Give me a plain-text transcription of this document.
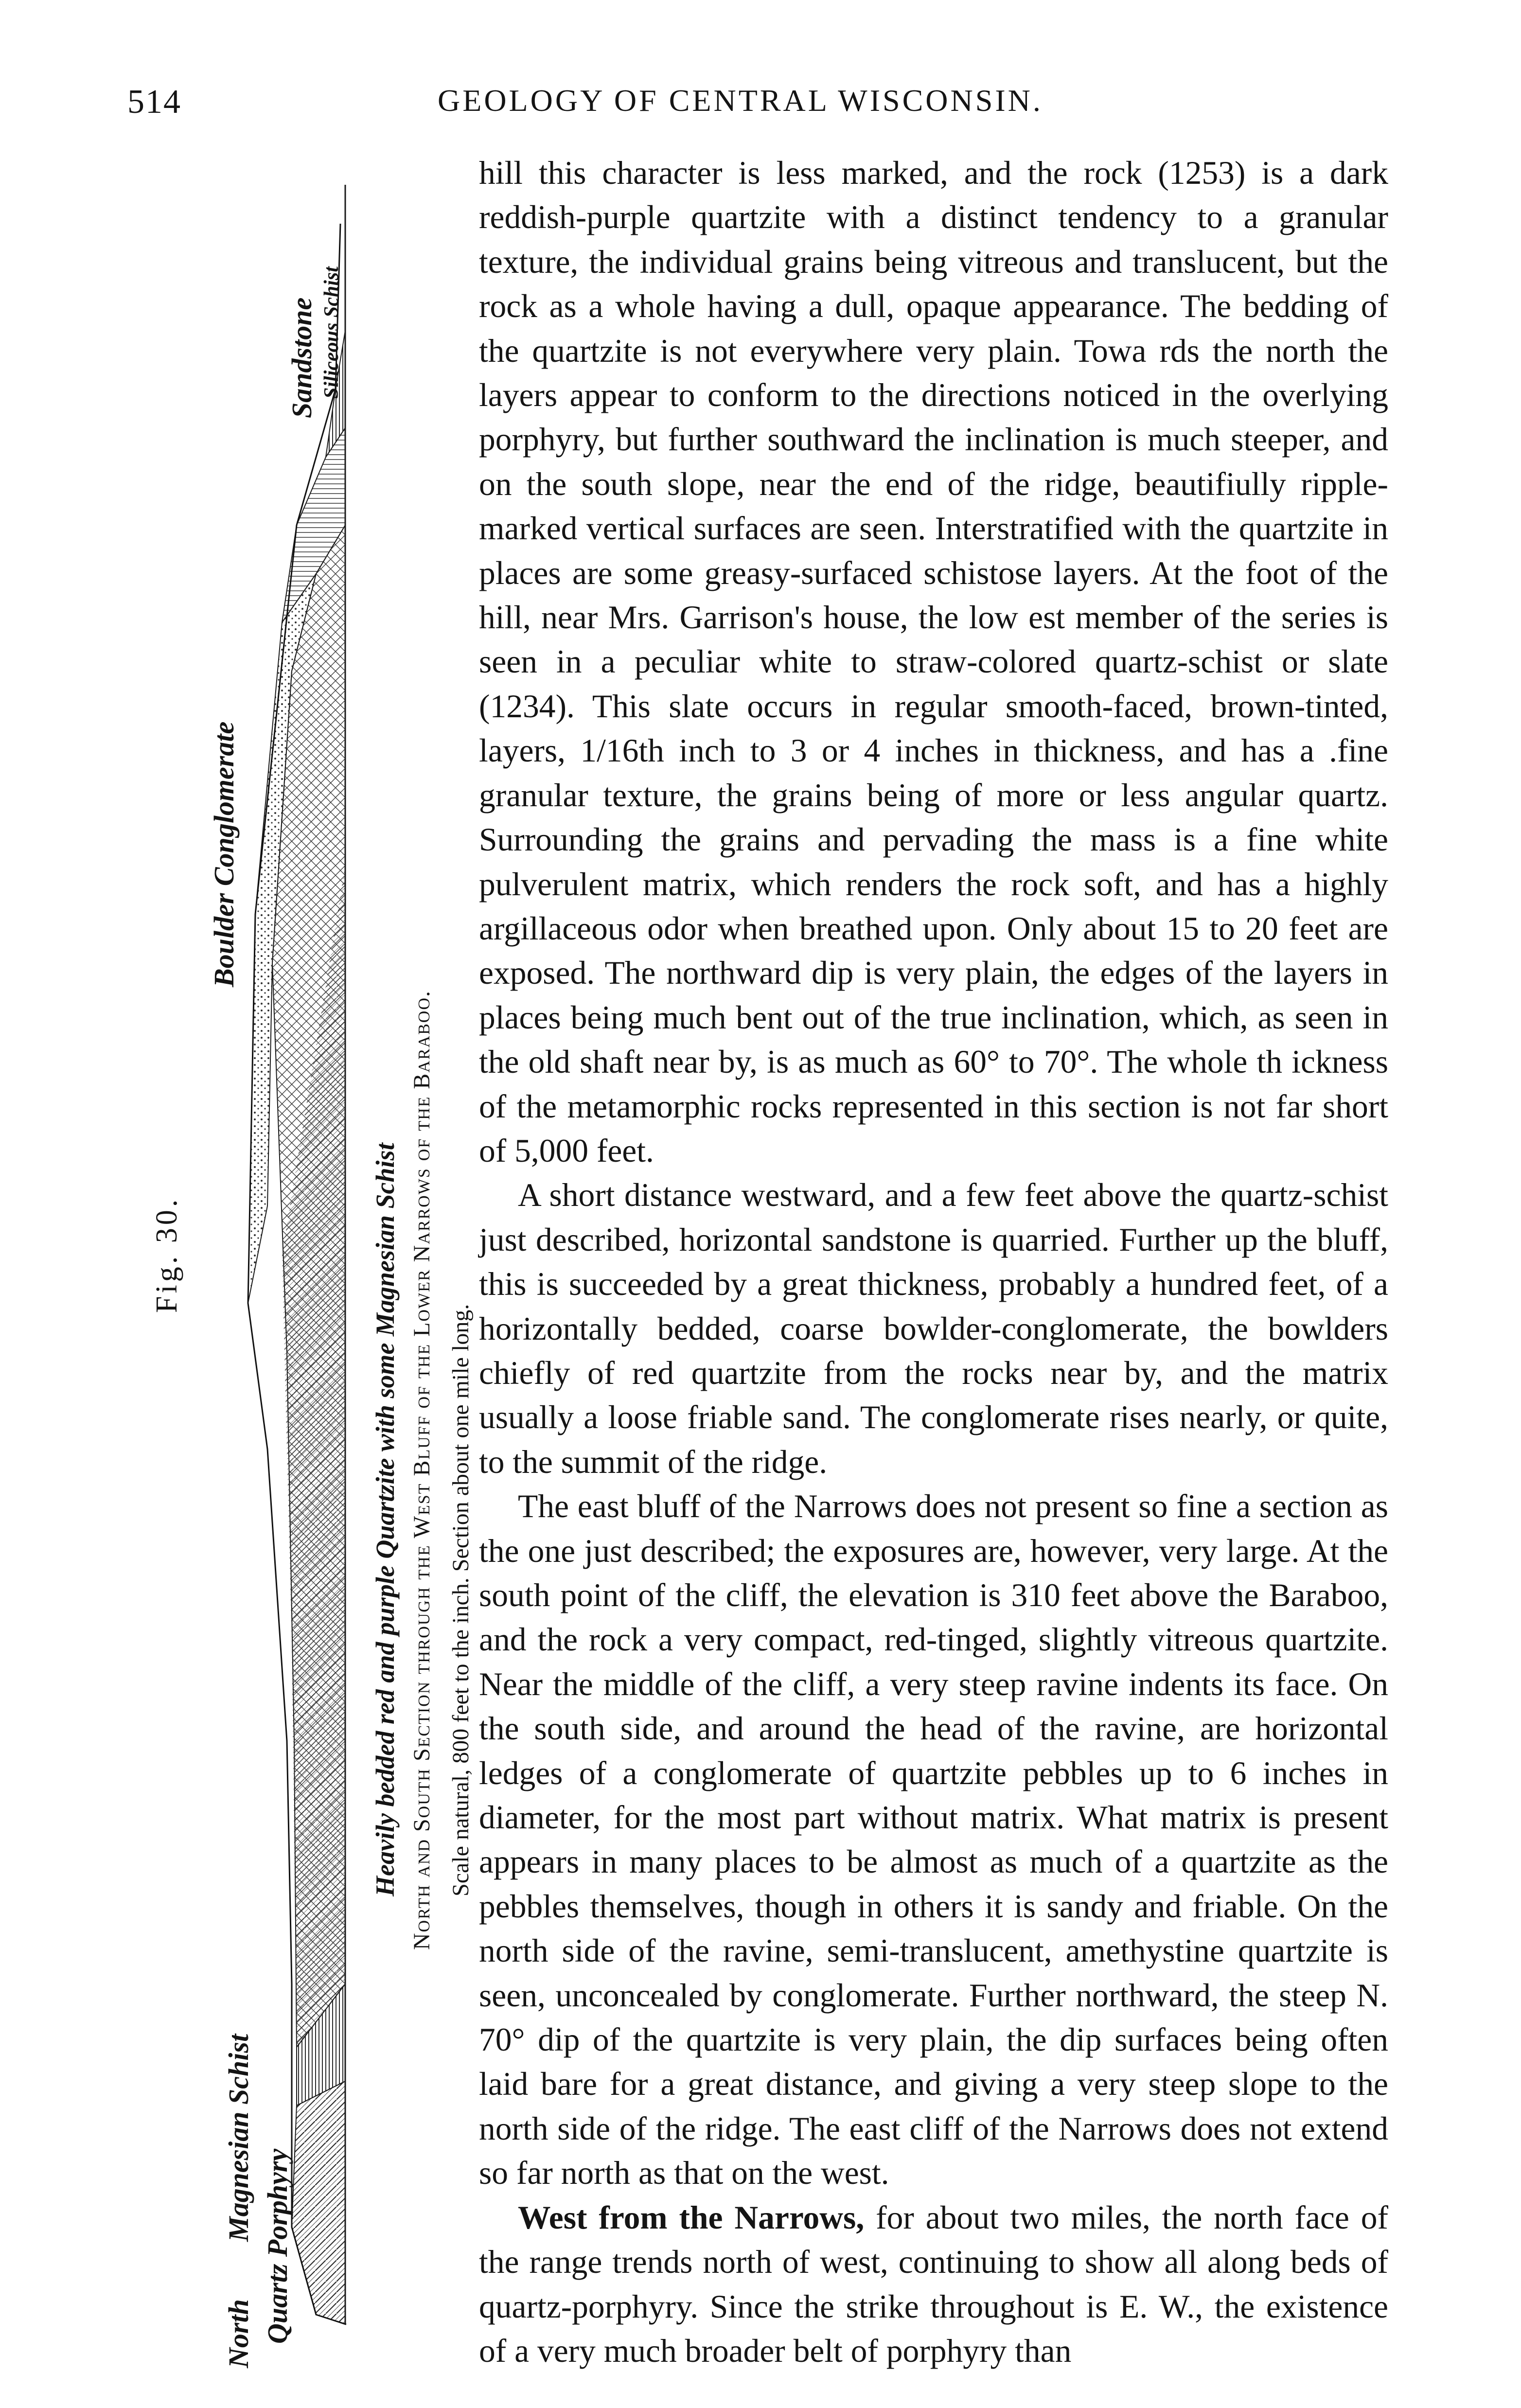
514	GEOLOGY OF CENTRAL WISCONSIN.
Fig. 30.	North and South Section through the West Bluff of the Lower Narrows of the Baraboo. Scale natural, 800 feet to the inch. Section about one mile long.
North
Magnesian Schist
Quartz Porphyry
Heavily bedded red and purple Quartzite with some Magnesian Schist
Boulder Conglomerate
Sandstone Siliceous Schist

hill this character is less marked, and the rock (1253) is a dark reddish-purple quartzite with a distinct tendency to a granular texture, the individual grains being vitreous and translucent, but the rock as a whole having a dull, opaque appearance. The bedding of the quartzite is not everywhere very plain. Towa rds the north the layers appear to conform to the directions noticed in the overlying porphyry, but further southward the inclination is much steeper, and on the south slope, near the end of the ridge, beautifiully ripple-marked vertical surfaces are seen. Interstratified with the quartzite in places are some greasy-surfaced schistose layers. At the foot of the hill, near Mrs. Garrison's house, the low est member of the series is seen in a peculiar white to straw-colored quartz-schist or slate (1234). This slate occurs in regular smooth-faced, brown-tinted, layers, 1/16th inch to 3 or 4 inches in thickness, and has a .fine granular texture, the grains being of more or less angular quartz. Surrounding the grains and pervading the mass is a fine white pulverulent matrix, which renders the rock soft, and has a highly argillaceous odor when breathed upon. Only about 15 to 20 feet are exposed. The northward dip is very plain, the edges of the layers in places being much bent out of the true inclination, which, as seen in the old shaft near by, is as much as 60° to 70°. The whole th ickness of the metamorphic rocks represented in this section is not far short of 5,000 feet.

A short distance westward, and a few feet above the quartz-schist just described, horizontal sandstone is quarried. Further up the bluff, this is succeeded by a great thickness, probably a hundred feet, of a horizontally bedded, coarse bowlder-conglomerate, the bowlders chiefly of red quartzite from the rocks near by, and the matrix usually a loose friable sand. The conglomerate rises nearly, or quite, to the summit of the ridge.

The east bluff of the Narrows does not present so fine a section as the one just described; the exposures are, however, very large. At the south point of the cliff, the elevation is 310 feet above the Baraboo, and the rock a very compact, red-tinged, slightly vitreous quartzite. Near the middle of the cliff, a very steep ravine indents its face. On the south side, and around the head of the ravine, are horizontal ledges of a conglomerate of quartzite pebbles up to 6 inches in diameter, for the most part without matrix. What matrix is present appears in many places to be almost as much of a quartzite as the pebbles themselves, though in others it is sandy and friable. On the north side of the ravine, semi-translucent, amethystine quartzite is seen, unconcealed by conglomerate. Further northward, the steep N. 70° dip of the quartzite is very plain, the dip surfaces being often laid bare for a great distance, and giving a very steep slope to the north side of the ridge. The east cliff of the Narrows does not extend so far north as that on the west.

West from the Narrows, for about two miles, the north face of the range trends north of west, continuing to show all along beds of quartz-porphyry. Since the strike throughout is E. W., the existence of a very much broader belt of porphyry than
